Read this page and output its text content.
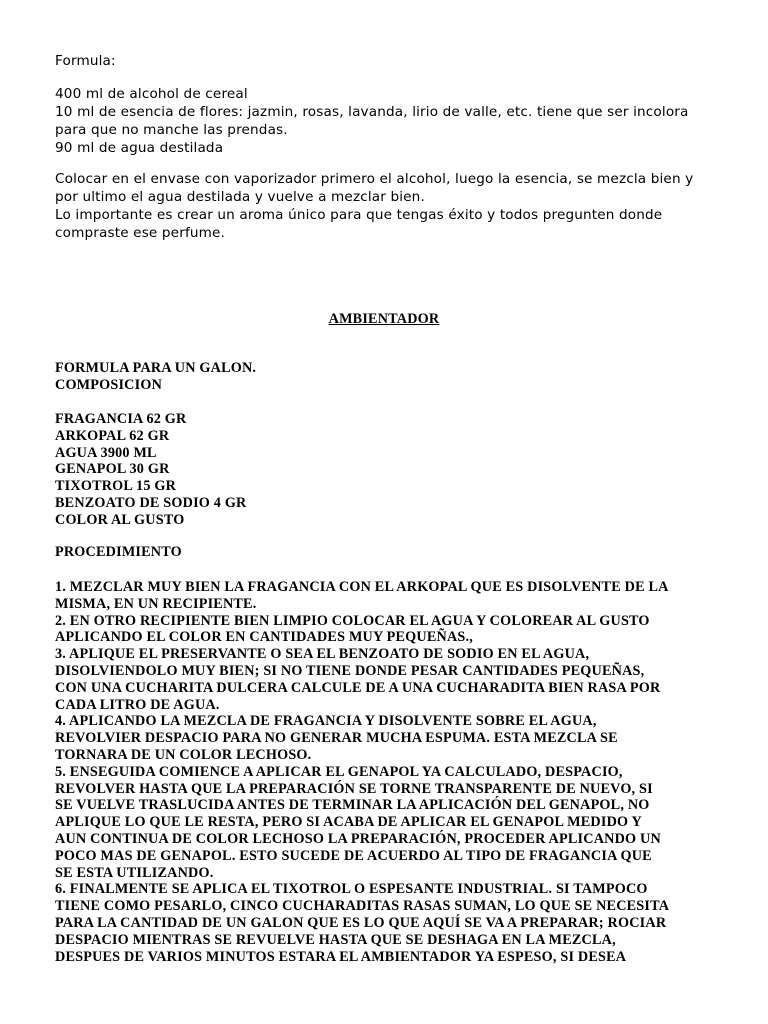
Formula:
400 ml de alcohol de cereal
10 ml de esencia de flores: jazmin, rosas, lavanda, lirio de valle, etc. tiene que ser incolora
para que no manche las prendas.
90 ml de agua destilada
Colocar en el envase con vaporizador primero el alcohol, luego la esencia, se mezcla bien y
por ultimo el agua destilada y vuelve a mezclar bien.
Lo importante es crear un aroma único para que tengas éxito y todos pregunten donde
compraste ese perfume.
AMBIENTADOR
FORMULA PARA UN GALON.
COMPOSICION
FRAGANCIA 62 GR
ARKOPAL 62 GR
AGUA 3900 ML
GENAPOL 30 GR
TIXOTROL 15 GR
BENZOATO DE SODIO 4 GR
COLOR AL GUSTO
PROCEDIMIENTO
1. MEZCLAR MUY BIEN LA FRAGANCIA CON EL ARKOPAL QUE ES DISOLVENTE DE LA
MISMA, EN UN RECIPIENTE.
2. EN OTRO RECIPIENTE BIEN LIMPIO COLOCAR EL AGUA Y COLOREAR AL GUSTO
APLICANDO EL COLOR EN CANTIDADES MUY PEQUEÑAS.,
3. APLIQUE EL PRESERVANTE O SEA EL BENZOATO DE SODIO EN EL AGUA,
DISOLVIENDOLO MUY BIEN; SI NO TIENE DONDE PESAR CANTIDADES PEQUEÑAS,
CON UNA CUCHARITA DULCERA CALCULE DE A UNA CUCHARADITA BIEN RASA POR
CADA LITRO DE AGUA.
4. APLICANDO LA MEZCLA DE FRAGANCIA Y DISOLVENTE SOBRE EL AGUA,
REVOLVIER DESPACIO PARA NO GENERAR MUCHA ESPUMA. ESTA MEZCLA SE
TORNARA DE UN COLOR LECHOSO.
5. ENSEGUIDA COMIENCE A APLICAR EL GENAPOL YA CALCULADO, DESPACIO,
REVOLVER HASTA QUE LA PREPARACIÓN SE TORNE TRANSPARENTE DE NUEVO, SI
SE VUELVE TRASLUCIDA ANTES DE TERMINAR LA APLICACIÓN DEL GENAPOL, NO
APLIQUE LO QUE LE RESTA, PERO SI ACABA DE APLICAR EL GENAPOL MEDIDO Y
AUN CONTINUA DE COLOR LECHOSO LA PREPARACIÓN, PROCEDER APLICANDO UN
POCO MAS DE GENAPOL. ESTO SUCEDE DE ACUERDO AL TIPO DE FRAGANCIA QUE
SE ESTA UTILIZANDO.
6. FINALMENTE SE APLICA EL TIXOTROL O ESPESANTE INDUSTRIAL. SI TAMPOCO
TIENE COMO PESARLO, CINCO CUCHARADITAS RASAS SUMAN, LO QUE SE NECESITA
PARA LA CANTIDAD DE UN GALON QUE ES LO QUE AQUÍ SE VA A PREPARAR; ROCIAR
DESPACIO MIENTRAS SE REVUELVE HASTA QUE SE DESHAGA EN LA MEZCLA,
DESPUES DE VARIOS MINUTOS ESTARA EL AMBIENTADOR YA ESPESO, SI DESEA
